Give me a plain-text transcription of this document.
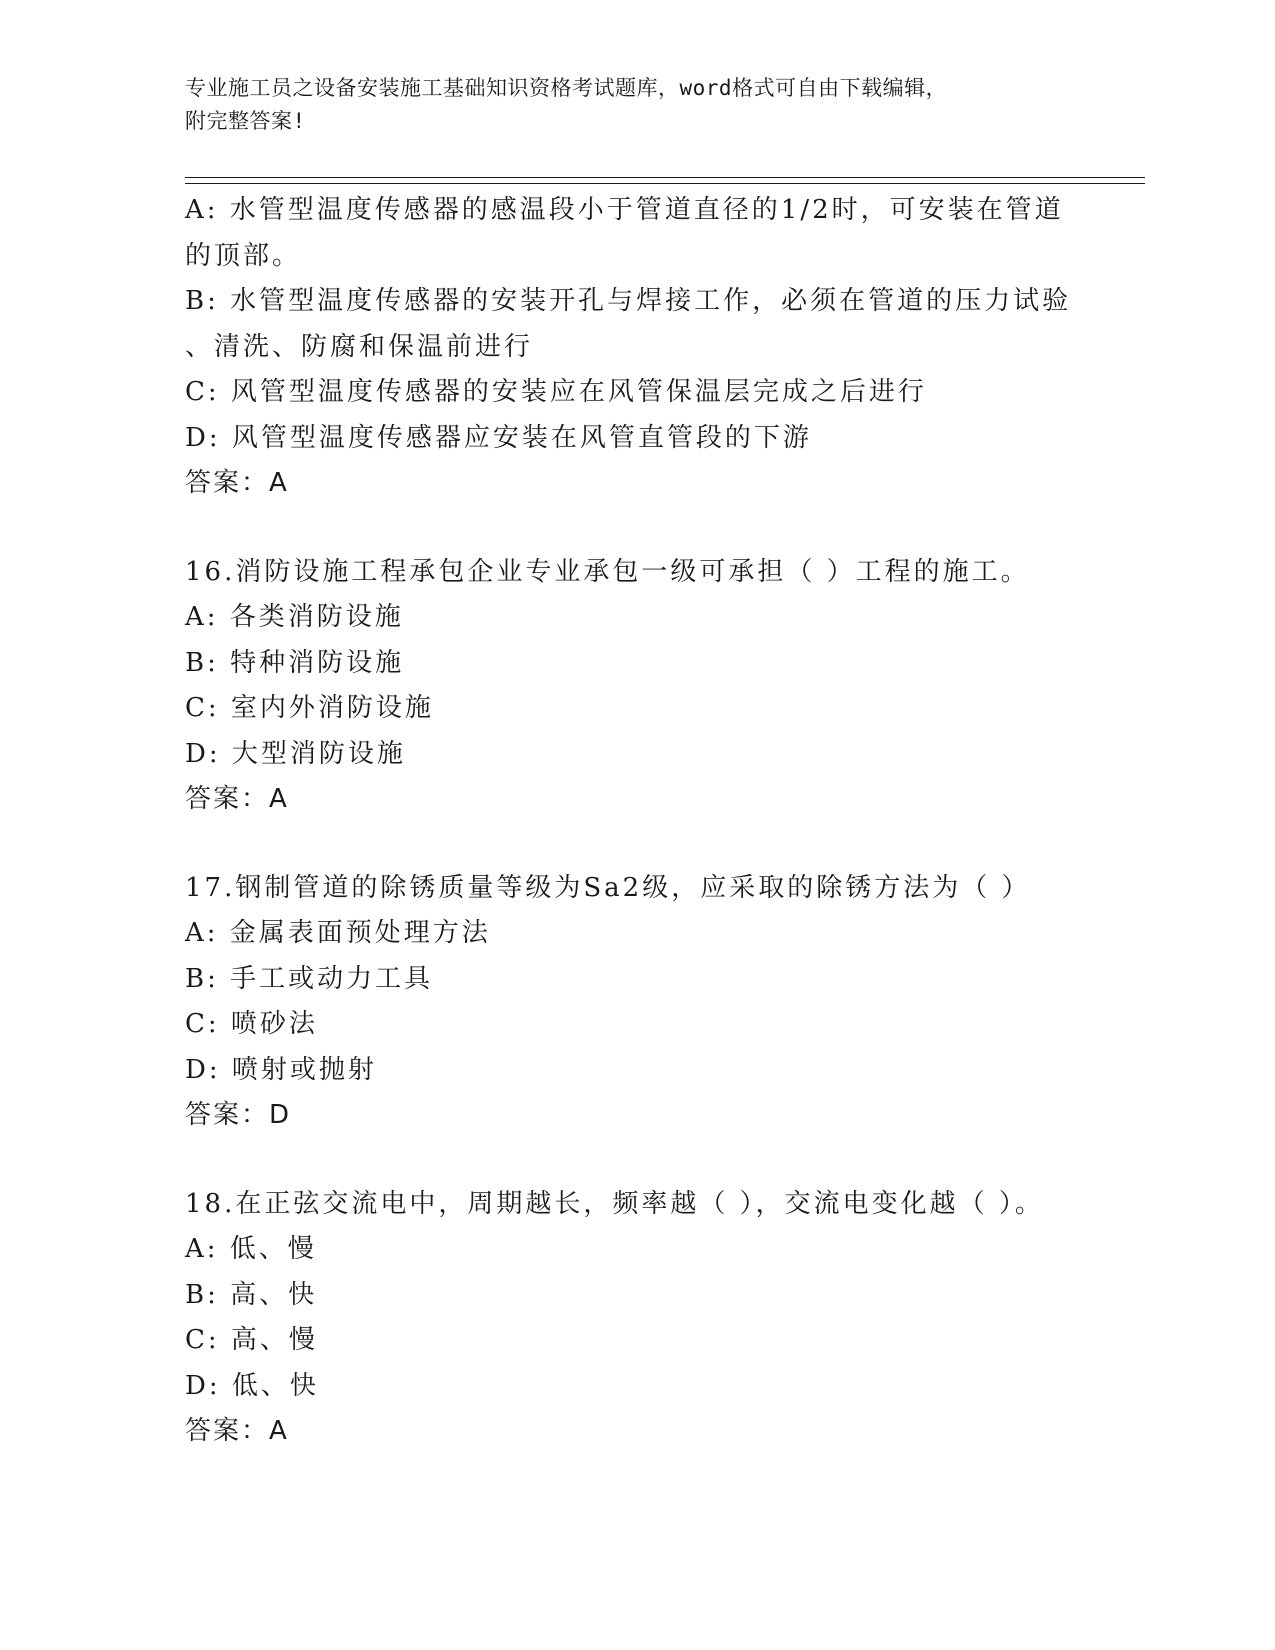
专业施工员之设备安装施工基础知识资格考试题库，word格式可自由下载编辑，
附完整答案!
A: 水管型温度传感器的感温段小于管道直径的1/2时，可安装在管道
的顶部。
B: 水管型温度传感器的安装开孔与焊接工作，必须在管道的压力试验
、清洗、防腐和保温前进行
C: 风管型温度传感器的安装应在风管保温层完成之后进行
D: 风管型温度传感器应安装在风管直管段的下游
答案：A
16.消防设施工程承包企业专业承包一级可承担（ ）工程的施工。
A: 各类消防设施
B: 特种消防设施
C: 室内外消防设施
D: 大型消防设施
答案：A
17.钢制管道的除锈质量等级为Sa2级，应采取的除锈方法为（ ）
A: 金属表面预处理方法
B: 手工或动力工具
C: 喷砂法
D: 喷射或抛射
答案：D
18.在正弦交流电中，周期越长，频率越（ ），交流电变化越（ ）。
A: 低、慢
B: 高、快
C: 高、慢
D: 低、快
答案：A
